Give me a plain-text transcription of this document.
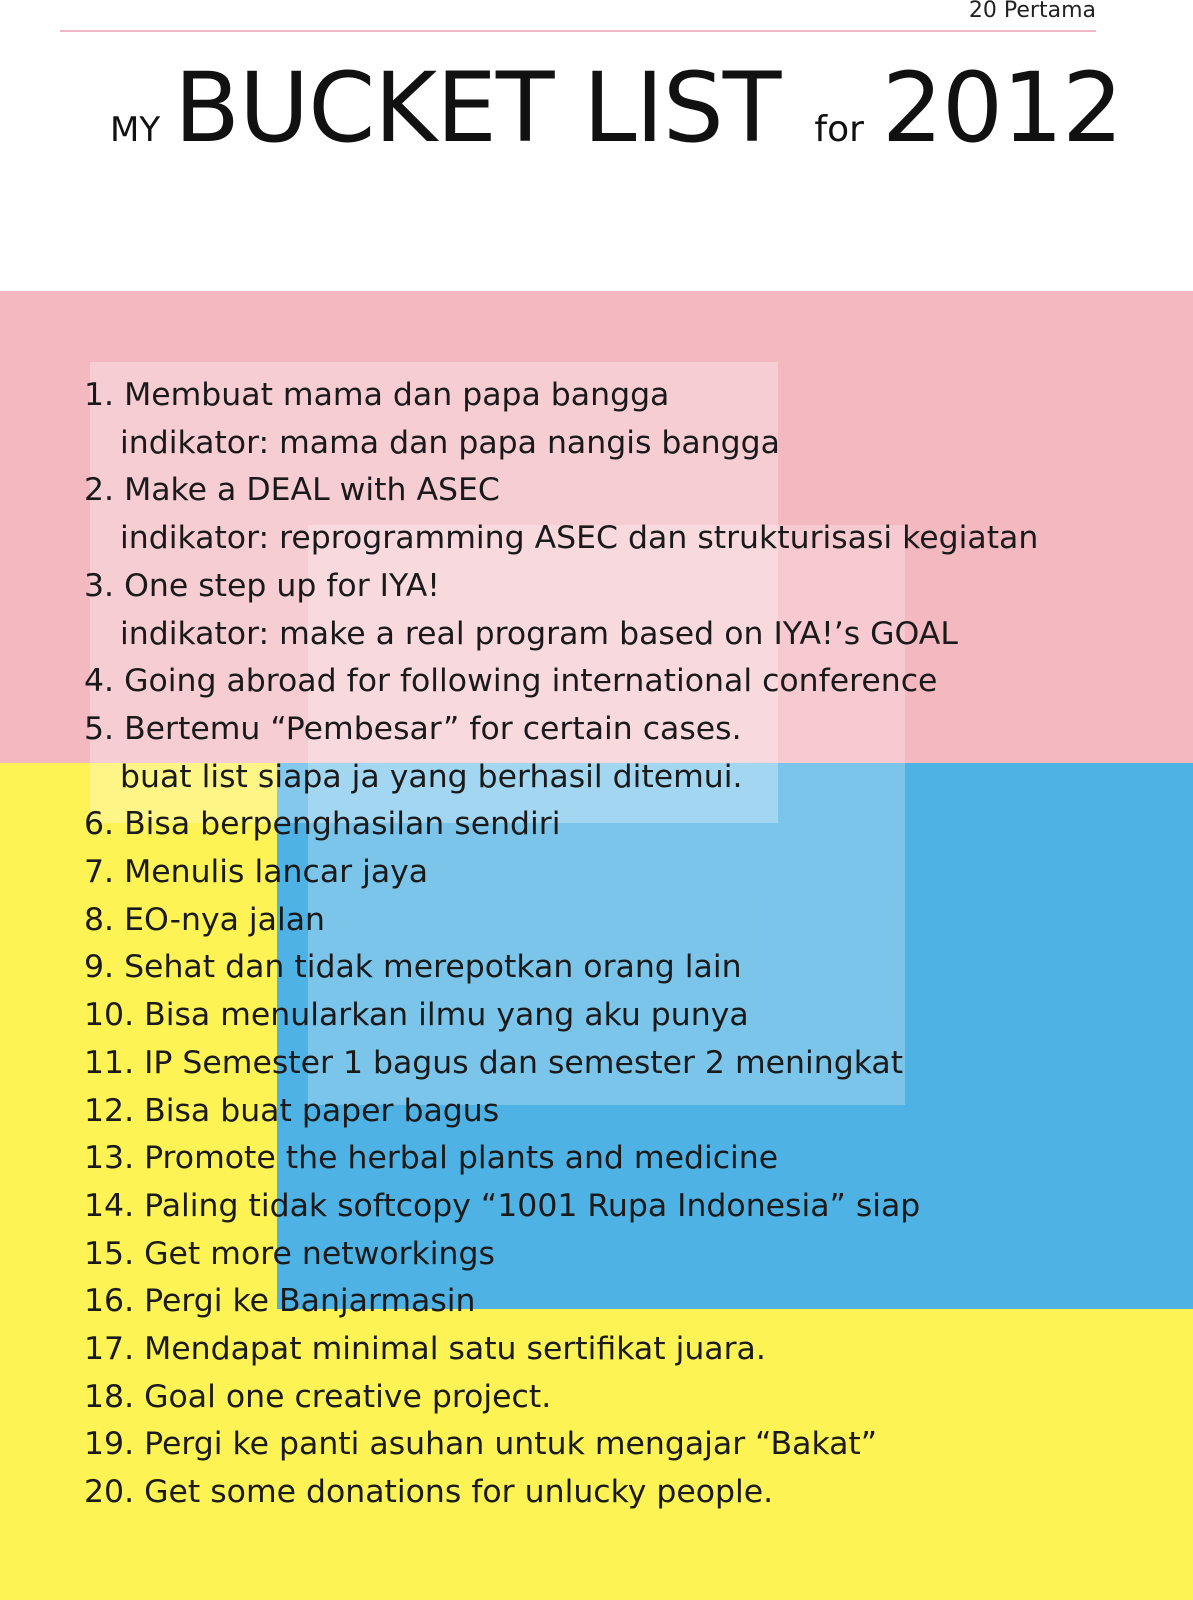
20 Pertama
MY BUCKET LIST for 2012
1. Membuat mama dan papa bangga
indikator: mama dan papa nangis bangga
2. Make a DEAL with ASEC
indikator: reprogramming ASEC dan strukturisasi kegiatan
3. One step up for IYA!
indikator: make a real program based on IYA!’s GOAL
4. Going abroad for following international conference
5. Bertemu “Pembesar” for certain cases.
buat list siapa ja yang berhasil ditemui.
6. Bisa berpenghasilan sendiri
7. Menulis lancar jaya
8. EO-nya jalan
9. Sehat dan tidak merepotkan orang lain
10. Bisa menularkan ilmu yang aku punya
11. IP Semester 1 bagus dan semester 2 meningkat
12. Bisa buat paper bagus
13. Promote the herbal plants and medicine
14. Paling tidak softcopy “1001 Rupa Indonesia” siap
15. Get more networkings
16. Pergi ke Banjarmasin
17. Mendapat minimal satu sertifikat juara.
18. Goal one creative project.
19. Pergi ke panti asuhan untuk mengajar “Bakat”
20. Get some donations for unlucky people.
